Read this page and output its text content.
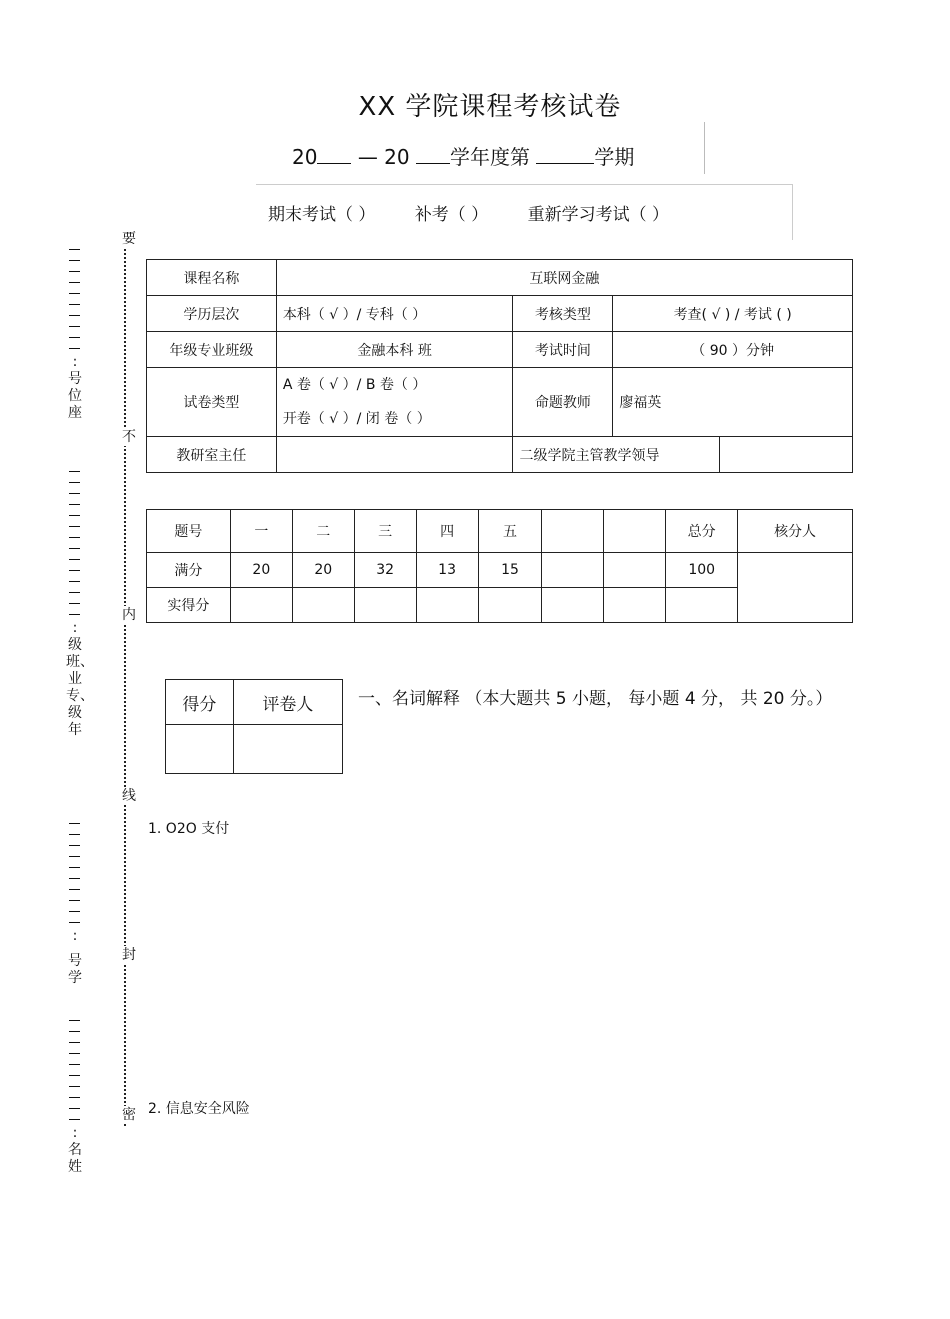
XX 学院课程考核试卷
20 — 20 学年度第	学期
期末考试（ ） 补考（ ） 重新学习考试（ ）
要
不
内
线
封
密
: 号位座
: 级班、业专、级年
:
号学
: 名姓
课程名称	互联网金融			
学历层次	本科（ √ ）/ 专科（ ）	考核类型	考查( √ ) / 考试 ( )	
年级专业班级	金融本科 班	考试时间	（ 90 ）分钟	
试卷类型	A 卷（ √ ）/ B 卷（ ）
开卷（ √ ）/ 闭 卷（ ）	命题教师	廖福英	
教研室主任		二级学院主管教学领导		
题号	一	二	三	四	五			总分	核分人
满分	20	20	32	13	15			100	
实得分									
得分	评卷人
		一、名词解释 （本大题共 5 小题， 每小题 4 分， 共 20 分。）
1. O2O 支付
2. 信息安全风险
